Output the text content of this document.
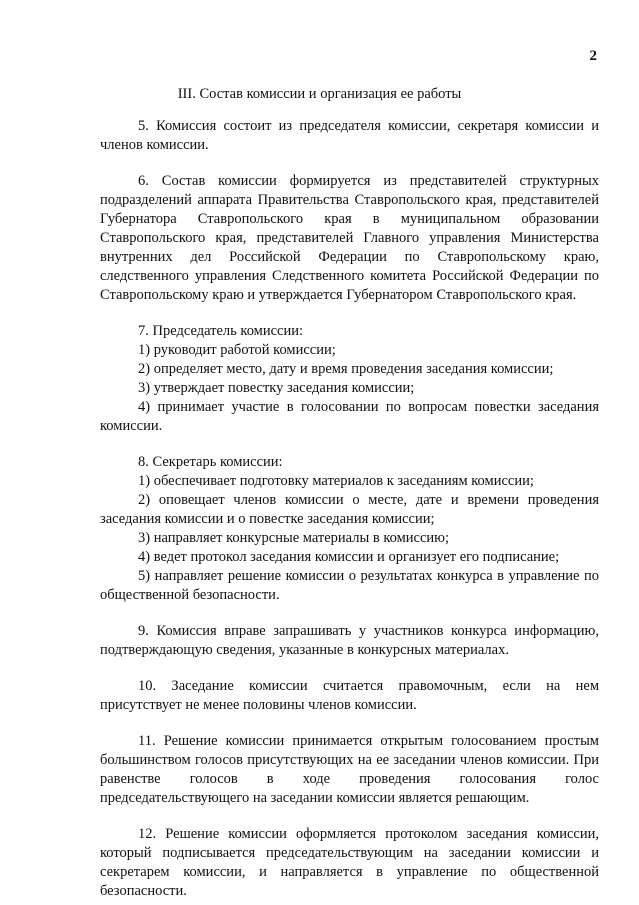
2
III. Состав комиссии и организация ее работы

5. Комиссия состоит из председателя комиссии, секретаря комиссии и членов комиссии.

6. Состав комиссии формируется из представителей структурных подразделений аппарата Правительства Ставропольского края, представителей Губернатора Ставропольского края в муниципальном образовании Ставропольского края, представителей Главного управления Министерства внутренних дел Российской Федерации по Ставропольскому краю, следственного управления Следственного комитета Российской Федерации по Ставропольскому краю и утверждается Губернатором Ставропольского края.

7. Председатель комиссии:

1) руководит работой комиссии;

2) определяет место, дату и время проведения заседания комиссии;

3) утверждает повестку заседания комиссии;

4) принимает участие в голосовании по вопросам повестки заседания комиссии.

8. Секретарь комиссии:

1) обеспечивает подготовку материалов к заседаниям комиссии;

2) оповещает членов комиссии о месте, дате и времени проведения заседания комиссии и о повестке заседания комиссии;

3) направляет конкурсные материалы в комиссию;

4) ведет протокол заседания комиссии и организует его подписание;

5) направляет решение комиссии о результатах конкурса в управление по общественной безопасности.

9. Комиссия вправе запрашивать у участников конкурса информацию, подтверждающую сведения, указанные в конкурсных материалах.

10. Заседание комиссии считается правомочным, если на нем присутствует не менее половины членов комиссии.

11. Решение комиссии принимается открытым голосованием простым большинством голосов присутствующих на ее заседании членов комиссии. При равенстве голосов в ходе проведения голосования голос председательствующего на заседании комиссии является решающим.

12. Решение комиссии оформляется протоколом заседания комиссии, который подписывается председательствующим на заседании комиссии и секретарем комиссии, и направляется в управление по общественной безопасности.
